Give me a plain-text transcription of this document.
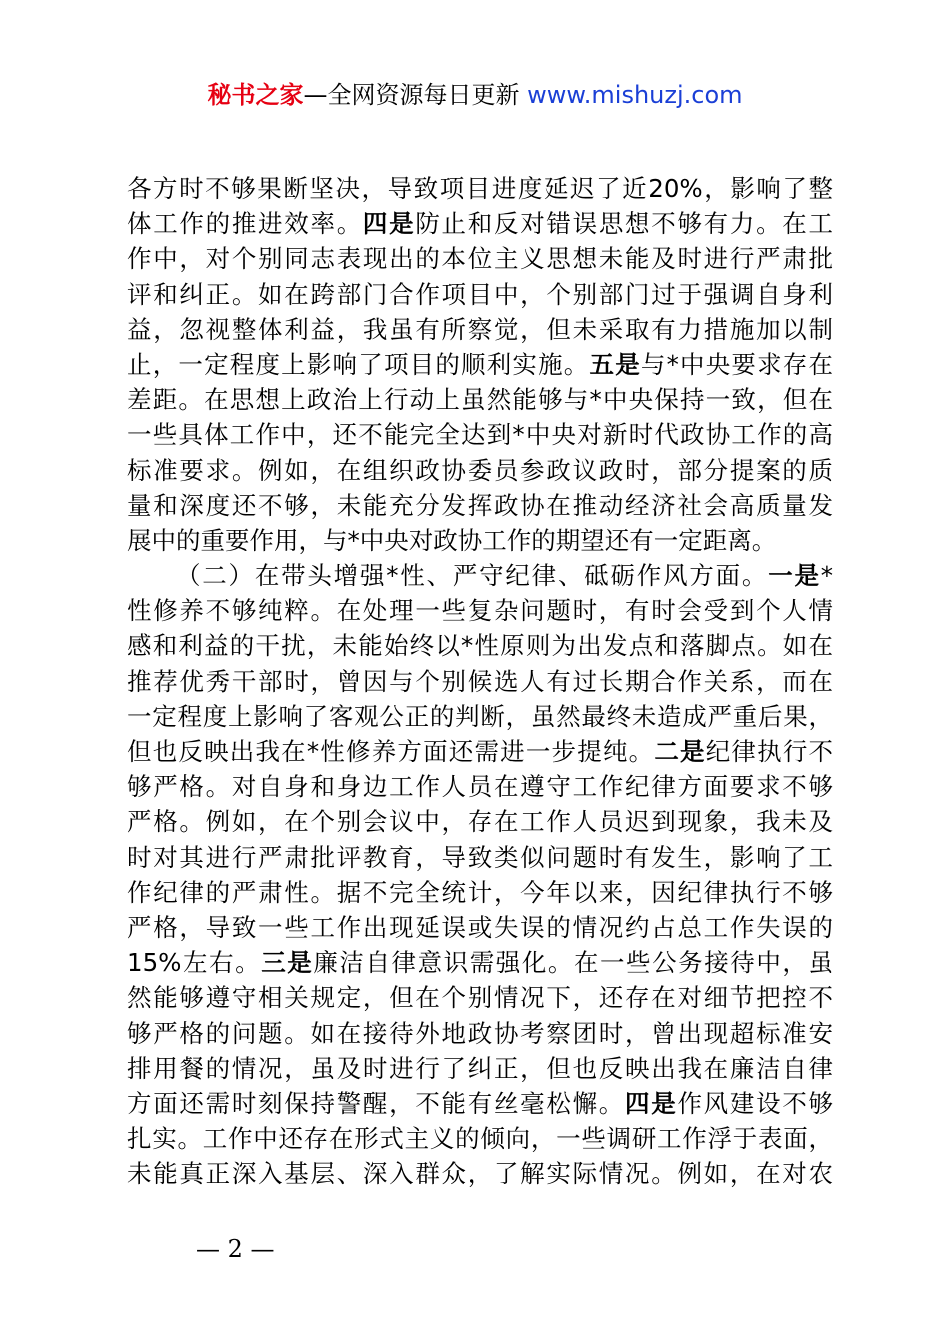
秘书之家—全网资源每日更新 www.mishuzj.com
各方时不够果断坚决，导致项目进度延迟了近20%，影响了整
体工作的推进效率。四是防止和反对错误思想不够有力。在工
作中，对个别同志表现出的本位主义思想未能及时进行严肃批
评和纠正。如在跨部门合作项目中，个别部门过于强调自身利
益，忽视整体利益，我虽有所察觉，但未采取有力措施加以制
止，一定程度上影响了项目的顺利实施。五是与*中央要求存在
差距。在思想上政治上行动上虽然能够与*中央保持一致，但在
一些具体工作中，还不能完全达到*中央对新时代政协工作的高
标准要求。例如，在组织政协委员参政议政时，部分提案的质
量和深度还不够，未能充分发挥政协在推动经济社会高质量发
展中的重要作用，与*中央对政协工作的期望还有一定距离。
（二）在带头增强*性、严守纪律、砥砺作风方面。一是*
性修养不够纯粹。在处理一些复杂问题时，有时会受到个人情
感和利益的干扰，未能始终以*性原则为出发点和落脚点。如在
推荐优秀干部时，曾因与个别候选人有过长期合作关系，而在
一定程度上影响了客观公正的判断，虽然最终未造成严重后果，
但也反映出我在*性修养方面还需进一步提纯。二是纪律执行不
够严格。对自身和身边工作人员在遵守工作纪律方面要求不够
严格。例如，在个别会议中，存在工作人员迟到现象，我未及
时对其进行严肃批评教育，导致类似问题时有发生，影响了工
作纪律的严肃性。据不完全统计，今年以来，因纪律执行不够
严格，导致一些工作出现延误或失误的情况约占总工作失误的
15%左右。三是廉洁自律意识需强化。在一些公务接待中，虽
然能够遵守相关规定，但在个别情况下，还存在对细节把控不
够严格的问题。如在接待外地政协考察团时，曾出现超标准安
排用餐的情况，虽及时进行了纠正，但也反映出我在廉洁自律
方面还需时刻保持警醒，不能有丝毫松懈。四是作风建设不够
扎实。工作中还存在形式主义的倾向，一些调研工作浮于表面，
未能真正深入基层、深入群众，了解实际情况。例如，在对农
— 2 —
